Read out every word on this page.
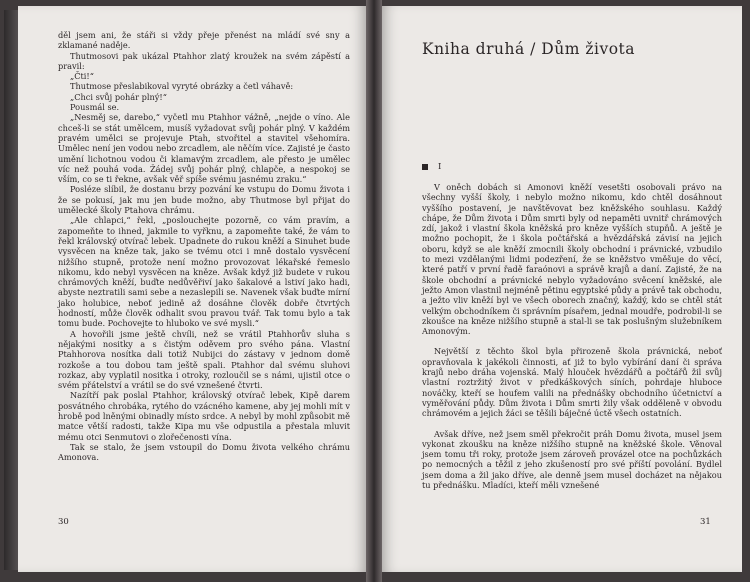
děl jsem ani, že stáři si vždy přeje přenést na mládí své sny a zklamané naděje.

Thutmosovi pak ukázal Ptahhor zlatý kroužek na svém zápěstí a pravil:

„Čti!“

Thutmose přeslabikoval vyryté obrázky a četl váhavě:

„Chci svůj pohár plný!“

Pousmál se.

„Nesměj se, darebo,“ vyčetl mu Ptahhor vážně, „nejde o víno. Ale chceš-li se stát umělcem, musíš vyžadovat svůj pohár plný. V každém pravém umělci se projevuje Ptah, stvořitel a stavitel všehomíra. Umělec není jen vodou nebo zrcadlem, ale něčím více. Zajisté je často umění lichotnou vodou či klamavým zrcadlem, ale přesto je umělec víc než pouhá voda. Žádej svůj pohár plný, chlapče, a nespokoj se vším, co se ti řekne, avšak věř spíše svému jasnému zraku.“

Posléze slíbil, že dostanu brzy pozvání ke vstupu do Domu života i že se pokusí, jak mu jen bude možno, aby Thutmose byl přijat do umělecké školy Ptahova chrámu.

„Ale chlapci,“ řekl, „poslouchejte pozorně, co vám pravím, a zapomeňte to ihned, jakmile to vyřknu, a zapomeňte také, že vám to řekl královský otvírač lebek. Upadnete do rukou kněží a Sinuhet bude vysvěcen na kněze tak, jako se tvému otci i mně dostalo vysvěcení nižšího stupně, protože není možno provozovat lékařské řemeslo nikomu, kdo nebyl vysvěcen na kněze. Avšak když již budete v rukou chrámových kněží, buďte nedůvěřiví jako šakalové a lstiví jako hadi, abyste neztratili sami sebe a nezaslepili se. Navenek však buďte mírní jako holubice, neboť jedině až dosáhne člověk dobře čtvrtých hodností, může člověk odhalit svou pravou tvář. Tak tomu bylo a tak tomu bude. Pochovejte to hluboko ve své mysli.“

A hovořili jsme ještě chvíli, než se vrátil Ptahhorův sluha s nějakými nositky a s čistým oděvem pro svého pána. Vlastní Ptahhorova nosítka dali totiž Nubijci do zástavy v jednom domě rozkoše a tou dobou tam ještě spali. Ptahhor dal svému sluhovi rozkaz, aby vyplatil nositka i otroky, rozloučil se s námi, ujistil otce o svém přátelství a vrátil se do své vznešené čtvrti.

Nazítří pak poslal Ptahhor, královský otvírač lebek, Kipě darem posvátného chrobáka, rytého do vzácného kamene, aby jej mohli mít v hrobě pod lněnými obinadly místo srdce. A nebyl by mohl způsobit mě matce větší radosti, takže Kipa mu vše odpustila a přestala mluvit mému otci Senmutovi o zlořečenosti vína.

Tak se stalo, že jsem vstoupil do Domu života velkého chrámu Amonova.

30
Kniha druhá / Dům života
I

V oněch dobách si Amonovi kněží vesetšti osobovali právo na všechny vyšší školy, i nebylo možno nikomu, kdo chtěl dosáhnout vyššího postavení, je navštěvovat bez kněžského souhlasu. Každý chápe, že Dům života i Dům smrti byly od nepaměti uvnitř chrámových zdí, jakož i vlastní škola kněžská pro kněze vyšších stupňů. A ještě je možno pochopit, že i škola počtářská a hvězdářská závisí na jejich oboru, když se ale kněží zmocnili školy obchodní i právnické, vzbudilo to mezi vzdělanými lidmi podezření, že se kněžstvo vměšuje do věcí, které patří v první řadě faraónovi a správě krajů a daní. Zajisté, že na škole obchodní a právnické nebylo vyžadováno svěcení kněžské, ale ježto Amon vlastnil nejméně pětinu egyptské půdy a právě tak obchodu, a ježto vliv kněží byl ve všech oborech značný, každý, kdo se chtěl stát velkým obchodníkem či správním písařem, jednal moudře, podrobil-li se zkoušce na kněze nižšího stupně a stal-li se tak poslušným služebníkem Amonovým.

Největší z těchto škol byla přirozeně škola právnická, neboť opravňovala k jakékoli činnosti, ať již to bylo vybírání daní či správa krajů nebo dráha vojenská. Malý hlouček hvězdářů a počtářů žil svůj vlastní roztržitý život v předkáškových síních, pohrdaje hlubocе nováčky, kteří se houfem valili na přednášky obchodního účetnictví a vyměřování půdy. Dům života i Dům smrti žily však odděleně v obvodu chrámovém a jejich žáci se těšili báječné úctě všech ostatních.

Avšak dříve, než jsem směl překročit práh Domu života, musel jsem vykonat zkoušku na kněze nižšího stupně na kněžské škole. Věnoval jsem tomu tři roky, protože jsem zároveň provázel otce na pochůzkách po nemocných a těžil z jeho zkušeností pro své příští povolání. Bydlel jsem doma a žil jako dříve, ale denně jsem musel docházet na nějakou tu přednášku. Mladíci, kteří měli vznešené

31
